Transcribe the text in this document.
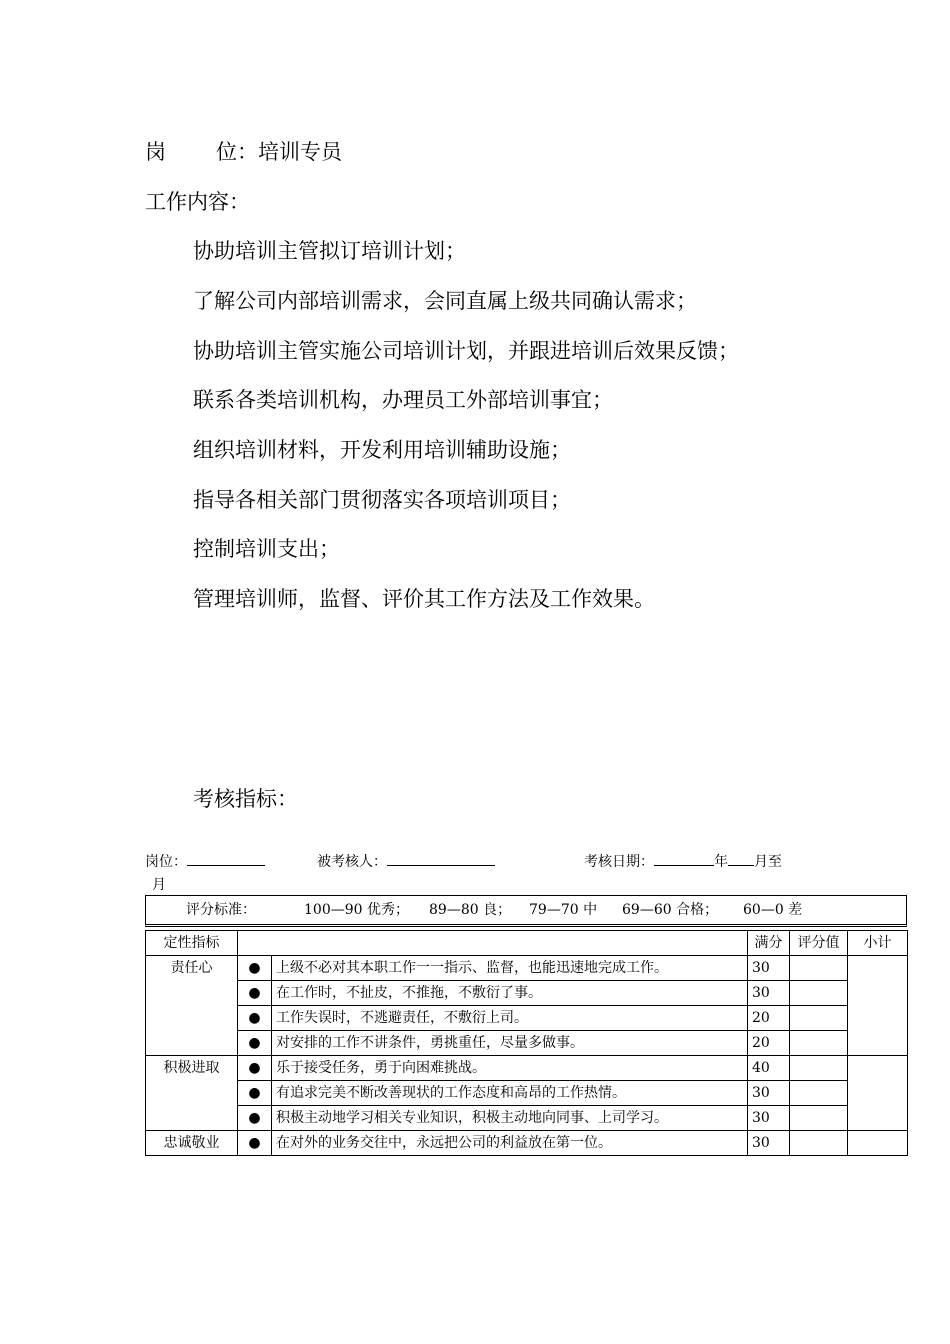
岗 位：培训专员
工作内容：
协助培训主管拟订培训计划；
了解公司内部培训需求，会同直属上级共同确认需求；
协助培训主管实施公司培训计划，并跟进培训后效果反馈；
联系各类培训机构，办理员工外部培训事宜；
组织培训材料，开发利用培训辅助设施；
指导各相关部门贯彻落实各项培训项目；
控制培训支出；
管理培训师，监督、评价其工作方法及工作效果。
考核指标：
岗位：	被考核人：	考核日期：	年 月至
月
评分标准：	100—90 优秀； 89—80 良； 79—70 中 69—60 合格； 60—0 差
定性指标			满分	评分值	小计
责任心	●	上级不必对其本职工作一一指示、监督，也能迅速地完成工作。	30		
	●	在工作时，不扯皮，不推拖，不敷衍了事。	30		
	●	工作失误时，不逃避责任，不敷衍上司。	20		
	●	对安排的工作不讲条件，勇挑重任，尽量多做事。	20		
积极进取	●	乐于接受任务，勇于向困难挑战。	40		
	●	有追求完美不断改善现状的工作态度和高昂的工作热情。	30		
	●	积极主动地学习相关专业知识，积极主动地向同事、上司学习。	30		
忠诚敬业	●	在对外的业务交往中，永远把公司的利益放在第一位。	30		
